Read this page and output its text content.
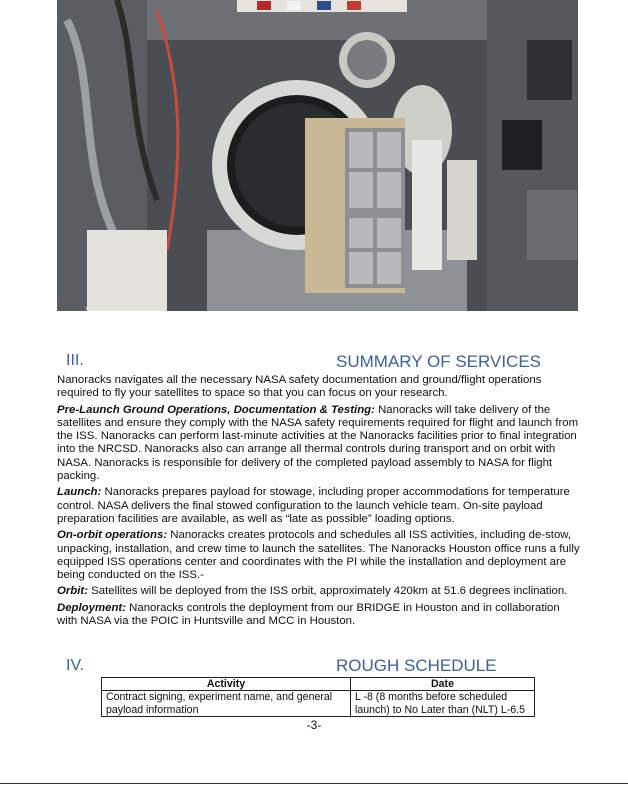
III.	SUMMARY OF SERVICES

Nanoracks navigates all the necessary NASA safety documentation and ground/flight operations required to fly your satellites to space so that you can focus on your research.

Pre-Launch Ground Operations, Documentation & Testing: Nanoracks will take delivery of the satellites and ensure they comply with the NASA safety requirements required for flight and launch from the ISS. Nanoracks can perform last-minute activities at the Nanoracks facilities prior to final integration into the NRCSD. Nanoracks also can arrange all thermal controls during transport and on orbit with NASA. Nanoracks is responsible for delivery of the completed payload assembly to NASA for flight packing.

Launch: Nanoracks prepares payload for stowage, including proper accommodations for temperature control. NASA delivers the final stowed configuration to the launch vehicle team. On-site payload preparation facilities are available, as well as “late as possible” loading options.

On-orbit operations: Nanoracks creates protocols and schedules all ISS activities, including de-stow, unpacking, installation, and crew time to launch the satellites. The Nanoracks Houston office runs a fully equipped ISS operations center and coordinates with the PI while the installation and deployment are being conducted on the ISS.-

Orbit: Satellites will be deployed from the ISS orbit, approximately 420km at 51.6 degrees inclination.

Deployment: Nanoracks controls the deployment from our BRIDGE in Houston and in collaboration with NASA via the POIC in Huntsville and MCC in Houston.

IV.	ROUGH SCHEDULE
Activity	Date
Contract signing, experiment name, and general payload information	L -8 (8 months before scheduled launch) to No Later than (NLT) L-6.5
-3-
